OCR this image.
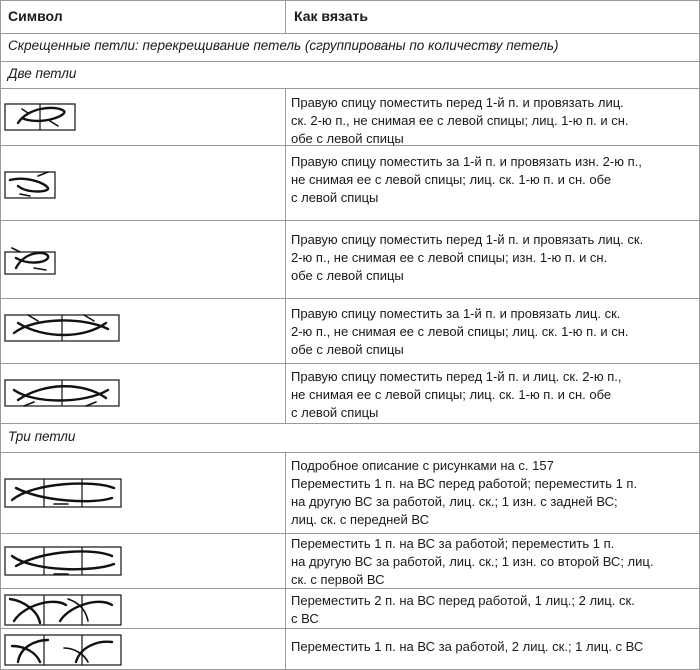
Символ	Как вязать
Скрещенные петли: перекрещивание петель (сгруппированы по количеству петель)
Две петли
Три петли
Правую спицу поместить перед 1-й п. и провязать лиц.
ск. 2-ю п., не снимая ее с левой спицы; лиц. 1-ю п. и сн.
обе с левой спицы
Правую спицу поместить за 1-й п. и провязать изн. 2-ю п.,
не снимая ее с левой спицы; лиц. ск. 1-ю п. и сн. обе
с левой спицы
Правую спицу поместить перед 1-й п. и провязать лиц. ск.
2-ю п., не снимая ее с левой спицы; изн. 1-ю п. и сн.
обе с левой спицы
Правую спицу поместить за 1-й п. и провязать лиц. ск.
2-ю п., не снимая ее с левой спицы; лиц. ск. 1-ю п. и сн.
обе с левой спицы
Правую спицу поместить перед 1-й п. и лиц. ск. 2-ю п.,
не снимая ее с левой спицы; лиц. ск. 1-ю п. и сн. обе
с левой спицы
Подробное описание с рисунками на с. 157
Переместить 1 п. на ВС перед работой; переместить 1 п.
на другую ВС за работой, лиц. ск.; 1 изн. с задней ВС;
лиц. ск. с передней ВС
Переместить 1 п. на ВС за работой; переместить 1 п.
на другую ВС за работой, лиц. ск.; 1 изн. со второй ВС; лиц.
ск. с первой ВС
Переместить 2 п. на ВС перед работой, 1 лиц.; 2 лиц. ск.
с ВС
Переместить 1 п. на ВС за работой, 2 лиц. ск.; 1 лиц. с ВС
